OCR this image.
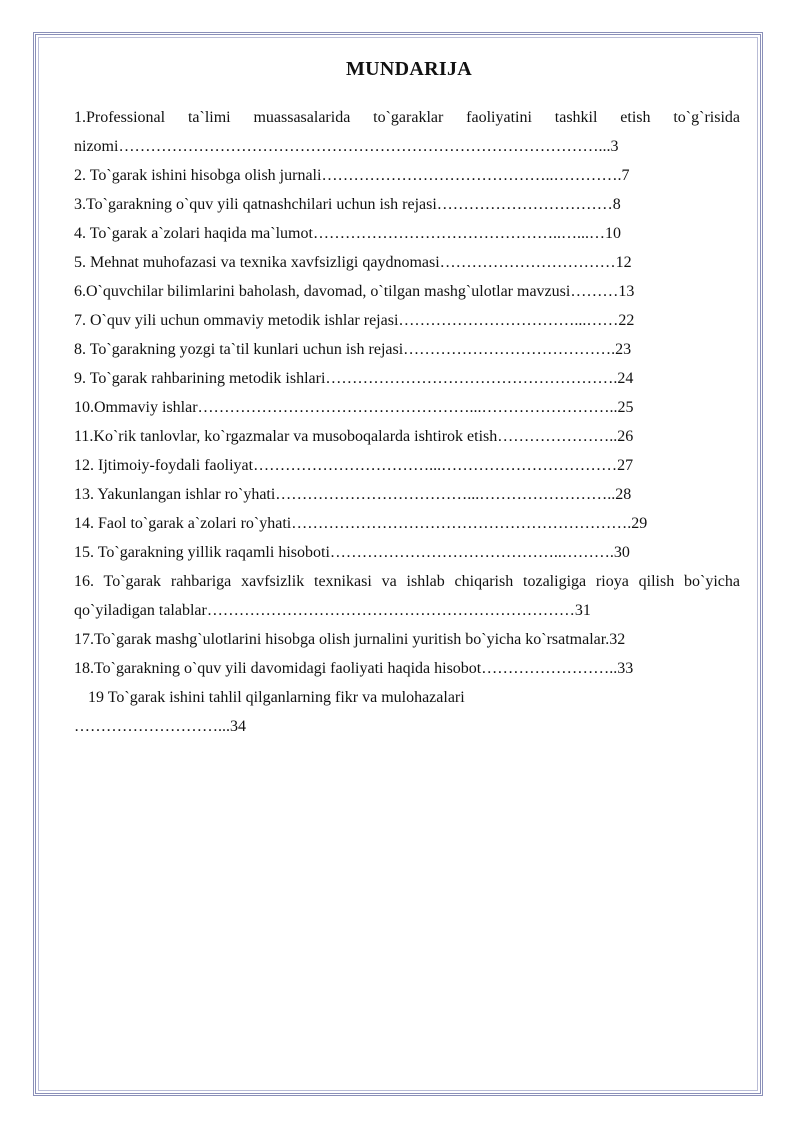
MUNDARIJA
1.Professional ta`limi muassasalarida to`garaklar faoliyatini tashkil etish to`g`risida nizomi………………………………………………………………………………...3
2. To`garak ishini hisobga olish jurnali……………………………………..………….7
3.To`garakning o`quv yili qatnashchilari uchun ish rejasi……………………………8
4. To`garak a`zolari haqida ma`lumot………………………………………..…...…10
5. Mehnat muhofazasi va texnika xavfsizligi qaydnomasi……………………………12
6.O`quvchilar bilimlarini baholash, davomad, o`tilgan mashg`ulotlar mavzusi………13
7. O`quv yili uchun ommaviy metodik ishlar rejasi……………………………...……22
8. To`garakning yozgi ta`til kunlari uchun ish rejasi………………………………….23
9. To`garak rahbarining metodik ishlari……………………………………………….24
10.Ommaviy ishlar……………………………………………...……………………..25
11.Ko`rik tanlovlar, ko`rgazmalar va musoboqalarda ishtirok etish…………………..26
12. Ijtimoiy-foydali faoliyat……………………………...……………………………27
13. Yakunlangan ishlar ro`yhati………………………………...……………………..28
14. Faol to`garak a`zolari ro`yhati……………………………………………………….29
15. To`garakning yillik raqamli hisoboti……………………………………..……….30
16. To`garak rahbariga xavfsizlik texnikasi va ishlab chiqarish tozaligiga rioya qilish bo`yicha qo`yiladigan talablar……………………………………………………………31
17.To`garak mashg`ulotlarini hisobga olish jurnalini yuritish bo`yicha ko`rsatmalar.32
18.To`garakning o`quv yili davomidagi faoliyati haqida hisobot……………………..33
19 To`garak ishini tahlil qilganlarning fikr va mulohazalari
………………………...34
